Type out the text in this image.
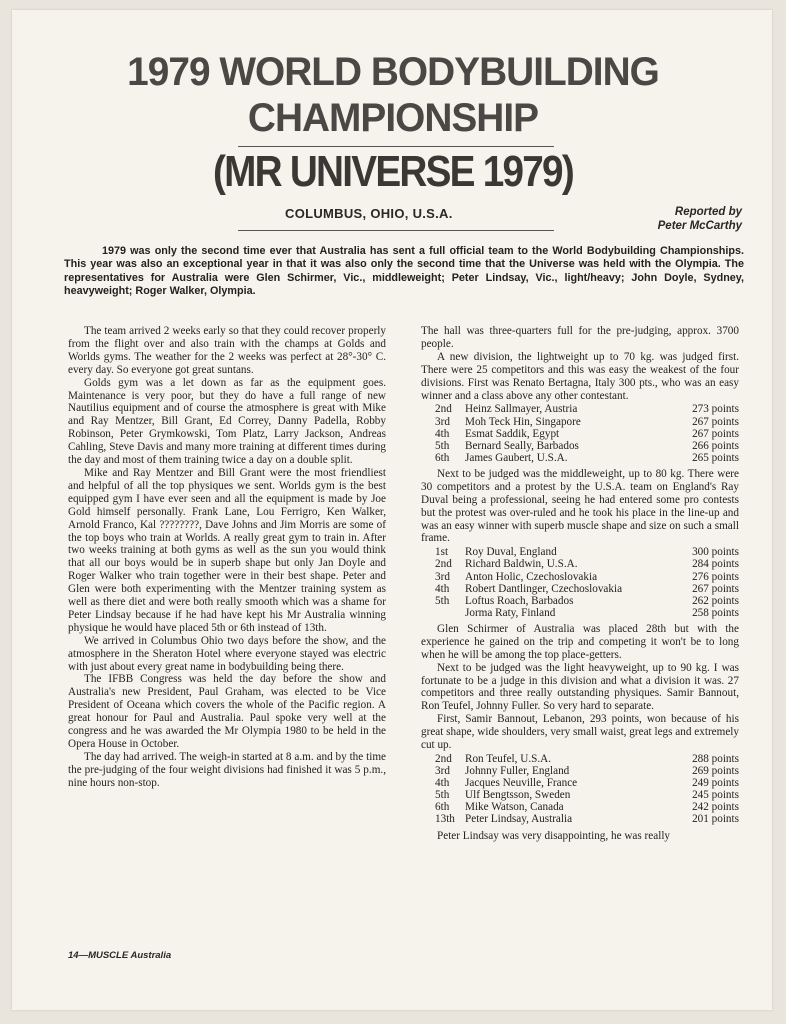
1979 WORLD BODYBUILDING
CHAMPIONSHIP
(MR UNIVERSE 1979)
COLUMBUS, OHIO, U.S.A.	Reported by
Peter McCarthy
1979 was only the second time ever that Australia has sent a full official team to the World Bodybuilding Championships. This year was also an exceptional year in that it was also only the second time that the Universe was held with the Olympia. The representatives for Australia were Glen Schirmer, Vic., middleweight; Peter Lindsay, Vic., light/heavy; John Doyle, Sydney, heavyweight; Roger Walker, Olympia.

The team arrived 2 weeks early so that they could recover properly from the flight over and also train with the champs at Golds and Worlds gyms. The weather for the 2 weeks was perfect at 28°-30° C. every day. So everyone got great suntans.

Golds gym was a let down as far as the equipment goes. Maintenance is very poor, but they do have a full range of new Nautilius equipment and of course the atmosphere is great with Mike and Ray Mentzer, Bill Grant, Ed Correy, Danny Padella, Robby Robinson, Peter Grymkowski, Tom Platz, Larry Jackson, Andreas Cahling, Steve Davis and many more training at different times during the day and most of them training twice a day on a double split.

Mike and Ray Mentzer and Bill Grant were the most friendliest and helpful of all the top physiques we sent. Worlds gym is the best equipped gym I have ever seen and all the equipment is made by Joe Gold himself personally. Frank Lane, Lou Ferrigro, Ken Walker, Arnold Franco, Kal ????????, Dave Johns and Jim Morris are some of the top boys who train at Worlds. A really great gym to train in. After two weeks training at both gyms as well as the sun you would think that all our boys would be in superb shape but only Jan Doyle and Roger Walker who train together were in their best shape. Peter and Glen were both experimenting with the Mentzer training system as well as there diet and were both really smooth which was a shame for Peter Lindsay because if he had have kept his Mr Australia winning physique he would have placed 5th or 6th instead of 13th.

We arrived in Columbus Ohio two days before the show, and the atmosphere in the Sheraton Hotel where everyone stayed was electric with just about every great name in bodybuilding being there.

The IFBB Congress was held the day before the show and Australia's new President, Paul Graham, was elected to be Vice President of Oceana which covers the whole of the Pacific region. A great honour for Paul and Australia. Paul spoke very well at the congress and he was awarded the Mr Olympia 1980 to be held in the Opera House in October.

The day had arrived. The weigh-in started at 8 a.m. and by the time the pre-judging of the four weight divisions had finished it was 5 p.m., nine hours non-stop.

The hall was three-quarters full for the pre-judging, approx. 3700 people.

A new division, the lightweight up to 70 kg. was judged first. There were 25 competitors and this was easy the weakest of the four divisions. First was Renato Bertagna, Italy 300 pts., who was an easy winner and a class above any other contestant.

2nd	Heinz Sallmayer, Austria	273 points
3rd	Moh Teck Hin, Singapore	267 points
4th	Esmat Saddik, Egypt	267 points
5th	Bernard Seally, Barbados	266 points
6th	James Gaubert, U.S.A.	265 points

Next to be judged was the middleweight, up to 80 kg. There were 30 competitors and a protest by the U.S.A. team on England's Ray Duval being a professional, seeing he had entered some pro contests but the protest was over-ruled and he took his place in the line-up and was an easy winner with superb muscle shape and size on such a small frame.

1st	Roy Duval, England	300 points
2nd	Richard Baldwin, U.S.A.	284 points
3rd	Anton Holic, Czechoslovakia	276 points
4th	Robert Dantlinger, Czechoslovakia	267 points
5th	Loftus Roach, Barbados	262 points
	Jorma Raty, Finland	258 points

Glen Schirmer of Australia was placed 28th but with the experience he gained on the trip and competing it won't be to long when he will be among the top place-getters.

Next to be judged was the light heavyweight, up to 90 kg. I was fortunate to be a judge in this division and what a division it was. 27 competitors and three really outstanding physiques. Samir Bannout, Ron Teufel, Johnny Fuller. So very hard to separate.

First, Samir Bannout, Lebanon, 293 points, won because of his great shape, wide shoulders, very small waist, great legs and extremely cut up.

2nd	Ron Teufel, U.S.A.	288 points
3rd	Johnny Fuller, England	269 points
4th	Jacques Neuville, France	249 points
5th	Ulf Bengtsson, Sweden	245 points
6th	Mike Watson, Canada	242 points
13th	Peter Lindsay, Australia	201 points

Peter Lindsay was very disappointing, he was really

14—MUSCLE Australia
